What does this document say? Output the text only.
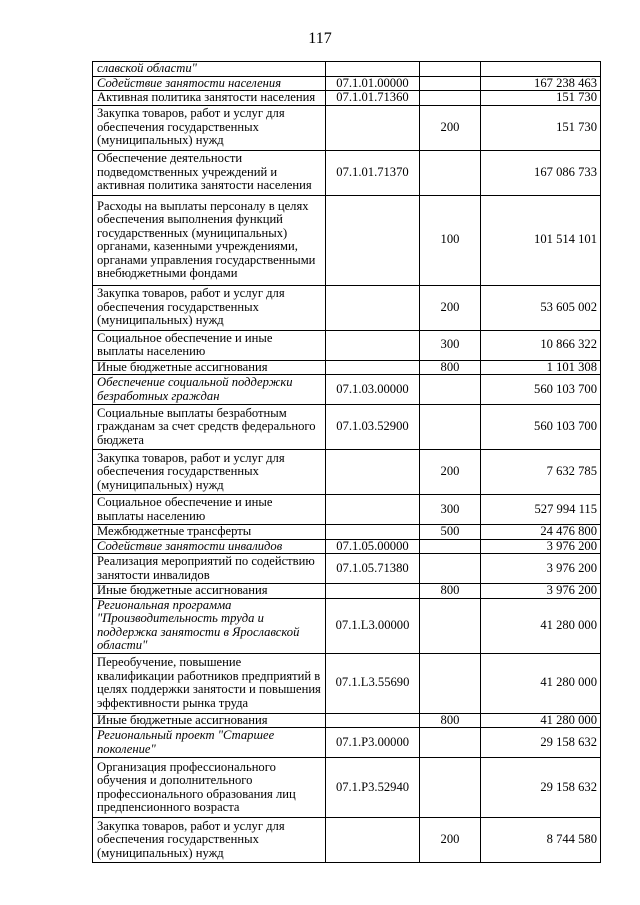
117
славской области"			
Содействие занятости населения	07.1.01.00000		167 238 463
Активная политика занятости населения	07.1.01.71360		151 730
Закупка товаров, работ и услуг для обеспечения государственных (муниципальных) нужд		200	151 730
Обеспечение деятельности подведомственных учреждений и активная политика занятости населения	07.1.01.71370		167 086 733
Расходы на выплаты персоналу в целях обеспечения выполнения функций государственных (муниципальных) органами, казенными учреждениями, органами управления государственными внебюджетными фондами		100	101 514 101
Закупка товаров, работ и услуг для обеспечения государственных (муниципальных) нужд		200	53 605 002
Социальное обеспечение и иные выплаты населению		300	10 866 322
Иные бюджетные ассигнования		800	1 101 308
Обеспечение социальной поддержки безработных граждан	07.1.03.00000		560 103 700
Социальные выплаты безработным гражданам за счет средств федерального бюджета	07.1.03.52900		560 103 700
Закупка товаров, работ и услуг для обеспечения государственных (муниципальных) нужд		200	7 632 785
Социальное обеспечение и иные выплаты населению		300	527 994 115
Межбюджетные трансферты		500	24 476 800
Содействие занятости инвалидов	07.1.05.00000		3 976 200
Реализация мероприятий по содействию занятости инвалидов	07.1.05.71380		3 976 200
Иные бюджетные ассигнования		800	3 976 200
Региональная программа "Производительность труда и поддержка занятости в Ярославской области"	07.1.L3.00000		41 280 000
Переобучение, повышение квалификации работников предприятий в целях поддержки занятости и повышения эффективности рынка труда	07.1.L3.55690		41 280 000
Иные бюджетные ассигнования		800	41 280 000
Региональный проект "Старшее поколение"	07.1.P3.00000		29 158 632
Организация профессионального обучения и дополнительного профессионального образования лиц предпенсионного возраста	07.1.P3.52940		29 158 632
Закупка товаров, работ и услуг для обеспечения государственных (муниципальных) нужд		200	8 744 580
